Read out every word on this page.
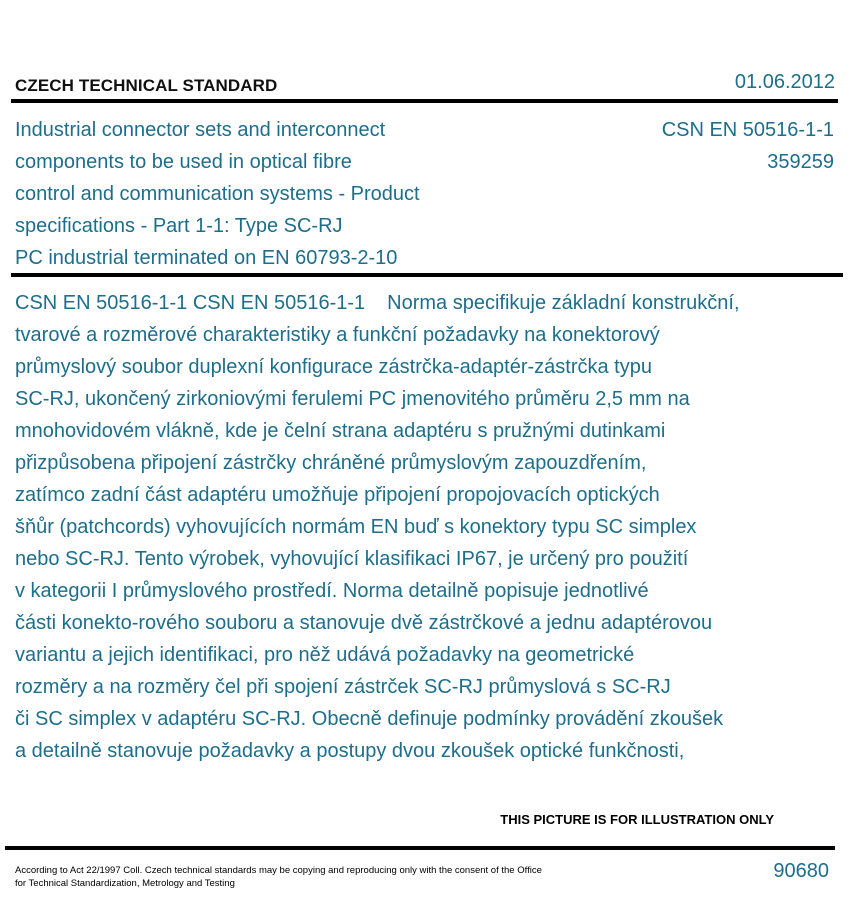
CZECH TECHNICAL STANDARD	01.06.2012
Industrial connector sets and interconnect
components to be used in optical fibre
control and communication systems - Product
specifications - Part 1-1: Type SC-RJ
PC industrial terminated on EN 60793-2-10
CSN EN 50516-1-1
359259
CSN EN 50516-1-1 CSN EN 50516-1-1 Norma specifikuje základní konstrukční,
tvarové a rozměrové charakteristiky a funkční požadavky na konektorový
průmyslový soubor duplexní konfigurace zástrčka-adaptér-zástrčka typu
SC-RJ, ukončený zirkoniovými ferulemi PC jmenovitého průměru 2,5 mm na
mnohovidovém vlákně, kde je čelní strana adaptéru s pružnými dutinkami
přizpůsobena připojení zástrčky chráněné průmyslovým zapouzdřením,
zatímco zadní část adaptéru umožňuje připojení propojovacích optických
šňůr (patchcords) vyhovujících normám EN buď s konektory typu SC simplex
nebo SC-RJ. Tento výrobek, vyhovující klasifikaci IP67, je určený pro použití
v kategorii I průmyslového prostředí. Norma detailně popisuje jednotlivé
části konekto-rového souboru a stanovuje dvě zástrčkové a jednu adaptérovou
variantu a jejich identifikaci, pro něž udává požadavky na geometrické
rozměry a na rozměry čel při spojení zástrček SC-RJ průmyslová s SC-RJ
či SC simplex v adaptéru SC-RJ. Obecně definuje podmínky provádění zkoušek
a detailně stanovuje požadavky a postupy dvou zkoušek optické funkčnosti,
THIS PICTURE IS FOR ILLUSTRATION ONLY
According to Act 22/1997 Coll. Czech technical standards may be copying and reproducing only with the consent of the Office
for Technical Standardization, Metrology and Testing
90680
